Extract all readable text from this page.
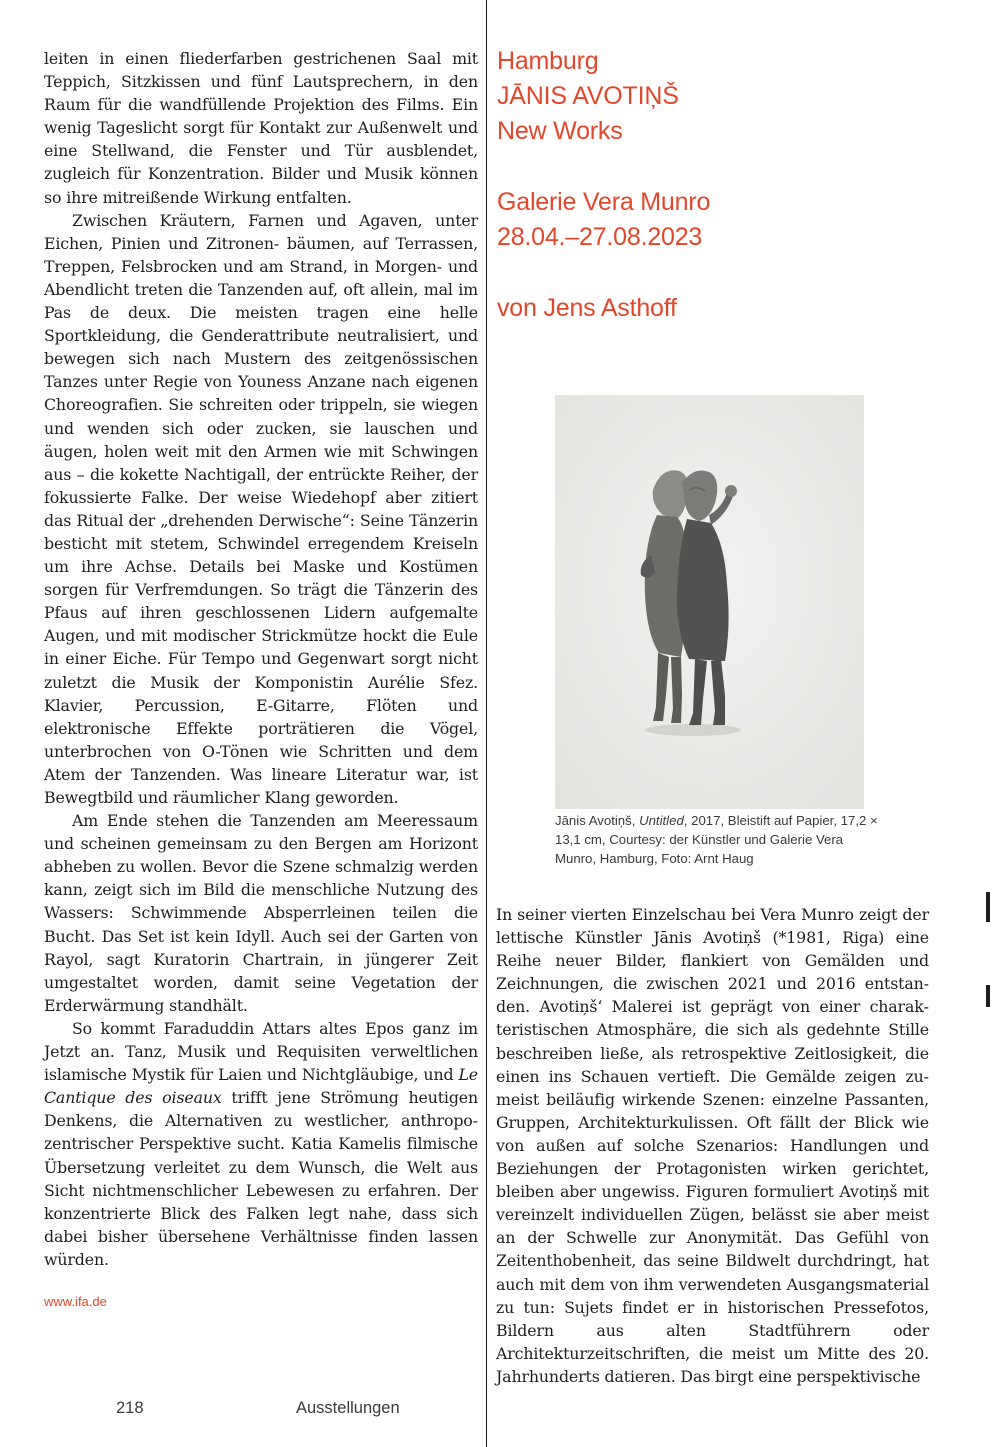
leiten in einen fliederfarben gestrichenen Saal mit Teppich, Sitzkissen und fünf Lautsprechern, in den Raum für die wandfüllende Projektion des Films. Ein wenig Tageslicht sorgt für Kontakt zur Außenwelt und eine Stellwand, die Fenster und Tür ausblendet, zugleich für Konzentration. Bilder und Musik können so ihre mitreißende Wirkung entfalten.

Zwischen Kräutern, Farnen und Agaven, unter Eichen, Pinien und Zitronen- bäumen, auf Terrassen, Treppen, Felsbrocken und am Strand, in Morgen- und Abendlicht treten die Tanzenden auf, oft allein, mal im Pas de deux. Die meisten tragen eine helle Sportkleidung, die Genderattribute neutralisiert, und bewegen sich nach Mustern des zeitgenössischen Tanzes unter Regie von Youness Anzane nach eigenen Choreografien. Sie schreiten oder trippeln, sie wiegen und wenden sich oder zucken, sie lauschen und äugen, holen weit mit den Armen wie mit Schwingen aus – die kokette Nachtigall, der entrückte Reiher, der fokussierte Falke. Der weise Wiedehopf aber zitiert das Ritual der „drehenden Derwische“: Seine Tänzerin besticht mit stetem, Schwindel erregendem Kreiseln um ihre Achse. Details bei Maske und Kostümen sorgen für Verfremdungen. So trägt die Tänzerin des Pfaus auf ihren geschlossenen Lidern aufgemalte Augen, und mit modischer Strickmütze hockt die Eule in einer Eiche. Für Tempo und Gegenwart sorgt nicht zuletzt die Musik der Komponistin Aurélie Sfez. Klavier, Percussion, E-Gitarre, Flöten und elektronische Effekte porträtieren die Vögel, unterbrochen von O-Tönen wie Schritten und dem Atem der Tanzenden. Was lineare Literatur war, ist Bewegtbild und räumlicher Klang geworden.

Am Ende stehen die Tanzenden am Meeressaum und scheinen gemeinsam zu den Bergen am Horizont abheben zu wollen. Bevor die Szene schmalzig werden kann, zeigt sich im Bild die menschliche Nutzung des Wassers: Schwimmende Absperrleinen teilen die Bucht. Das Set ist kein Idyll. Auch sei der Garten von Rayol, sagt Kuratorin Chartrain, in jüngerer Zeit umgestaltet worden, damit seine Vegetation der Erderwärmung standhält.

So kommt Faraduddin Attars altes Epos ganz im Jetzt an. Tanz, Musik und Requisiten verweltlichen islamische Mystik für Laien und Nichtgläubige, und Le Cantique des oiseaux trifft jene Strömung heutigen Denkens, die Alternativen zu westlicher, anthropozentrischer Perspektive sucht. Katia Kamelis filmische Übersetzung verleitet zu dem Wunsch, die Welt aus Sicht nichtmenschlicher Lebewesen zu erfahren. Der konzentrierte Blick des Falken legt nahe, dass sich dabei bisher übersehene Verhältnisse finden lassen würden.

www.ifa.de
Hamburg
JĀNIS AVOTIŅŠ
New Works
Galerie Vera Munro
28.04.–27.08.2023
von Jens Asthoff
Jānis Avotiņš, Untitled, 2017, Bleistift auf Papier, 17,2 × 13,1 cm, Courtesy: der Künstler und Galerie Vera Munro, Hamburg, Foto: Arnt Haug

In seiner vierten Einzelschau bei Vera Munro zeigt der lettische Künstler Jānis Avotiņš (*1981, Riga) eine Reihe neuer Bilder, flankiert von Gemälden und Zeichnungen, die zwischen 2021 und 2016 entstanden. Avotiņš‘ Malerei ist geprägt von einer charakteristischen Atmosphäre, die sich als gedehnte Stille beschreiben ließe, als retrospektive Zeitlosigkeit, die einen ins Schauen vertieft. Die Gemälde zeigen zumeist beiläufig wirkende Szenen: einzelne Passanten, Gruppen, Architekturkulissen. Oft fällt der Blick wie von außen auf solche Szenarios: Handlungen und Beziehungen der Protagonisten wirken gerichtet, bleiben aber ungewiss. Figuren formuliert Avotiņš mit vereinzelt individuellen Zügen, belässt sie aber meist an der Schwelle zur Anonymität. Das Gefühl von Zeitenthobenheit, das seine Bildwelt durchdringt, hat auch mit dem von ihm verwendeten Ausgangsmaterial zu tun: Sujets findet er in historischen Pressefotos, Bildern aus alten Stadtführern oder Architekturzeitschriften, die meist um Mitte des 20. Jahrhunderts datieren. Das birgt eine perspektivische

218	Ausstellungen
